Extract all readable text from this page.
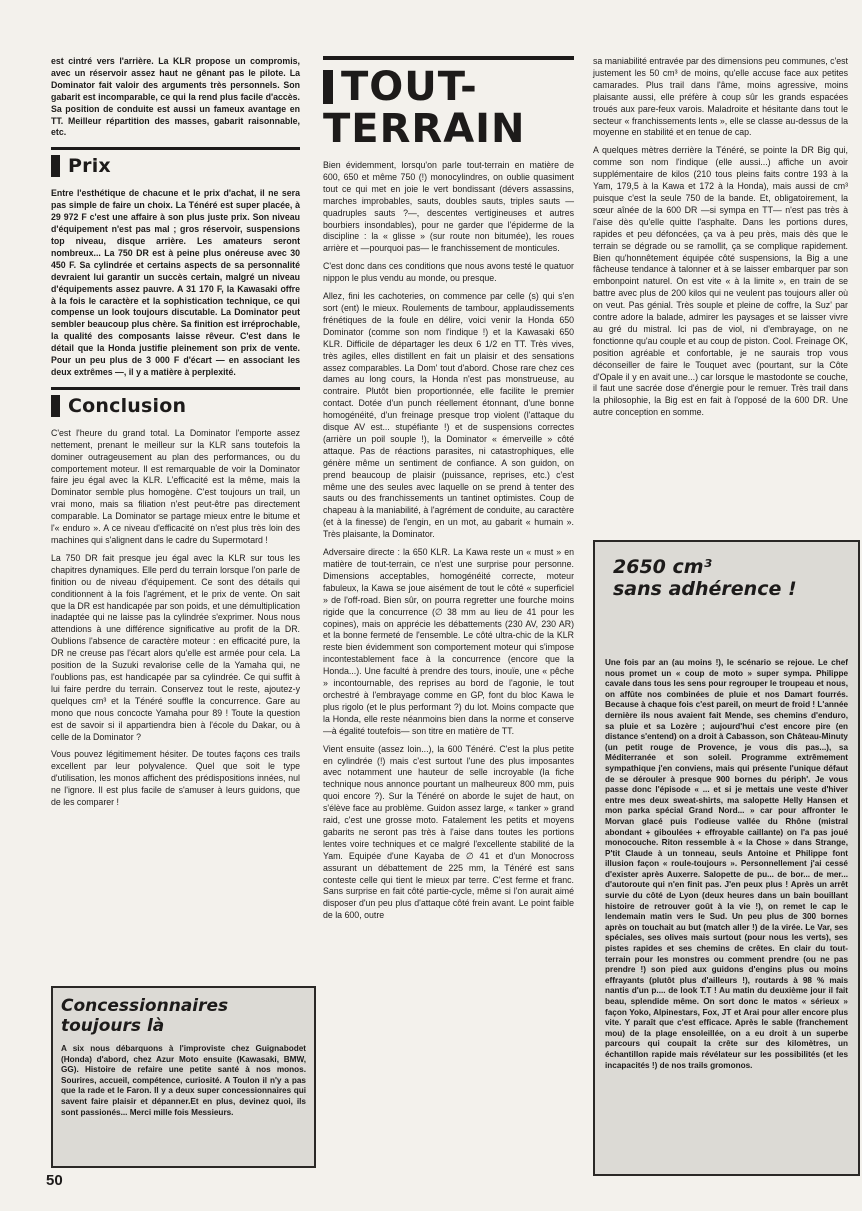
est cintré vers l'arrière. La KLR propose un compromis, avec un réservoir assez haut ne gênant pas le pilote. La Dominator fait valoir des arguments très personnels. Son gabarit est incomparable, ce qui la rend plus facile d'accès. Sa position de conduite est aussi un fameux avantage en TT. Meilleur répartition des masses, gabarit raisonnable, etc.

Prix

Entre l'esthétique de chacune et le prix d'achat, il ne sera pas simple de faire un choix. La Ténéré est super placée, à 29 972 F c'est une affaire à son plus juste prix. Son niveau d'équipement n'est pas mal ; gros réservoir, suspensions top niveau, disque arrière. Les amateurs seront nombreux... La 750 DR est à peine plus onéreuse avec 30 450 F. Sa cylindrée et certains aspects de sa personnalité devraient lui garantir un succès certain, malgré un niveau d'équipements assez pauvre. A 31 170 F, la Kawasaki offre à la fois le caractère et la sophistication technique, ce qui compense un look toujours discutable. La Dominator peut sembler beaucoup plus chère. Sa finition est irréprochable, la qualité des composants laisse rêveur. C'est dans le détail que la Honda justifie pleinement son prix de vente. Pour un peu plus de 3 000 F d'écart — en associant les deux extrêmes —, il y a matière à perplexité.

Conclusion

C'est l'heure du grand total. La Dominator l'emporte assez nettement, prenant le meilleur sur la KLR sans toutefois la dominer outrageusement au plan des performances, ou du comportement moteur. Il est remarquable de voir la Dominator faire jeu égal avec la KLR. L'efficacité est la même, mais la Dominator semble plus homogène. C'est toujours un trail, un vrai mono, mais sa filiation n'est peut-être pas directement comparable. La Dominator se partage mieux entre le bitume et l'« enduro ». A ce niveau d'efficacité on n'est plus très loin des machines qui s'alignent dans le cadre du Supermotard !

La 750 DR fait presque jeu égal avec la KLR sur tous les chapitres dynamiques. Elle perd du terrain lorsque l'on parle de finition ou de niveau d'équipement. Ce sont des détails qui conditionnent à la fois l'agrément, et le prix de vente. On sait que la DR est handicapée par son poids, et une démultiplication inadaptée qui ne laisse pas la cylindrée s'exprimer. Nous nous attendions à une différence significative au profit de la DR. Oublions l'absence de caractère moteur : en efficacité pure, la DR ne creuse pas l'écart alors qu'elle est armée pour cela. La position de la Suzuki revalorise celle de la Yamaha qui, ne l'oublions pas, est handicapée par sa cylindrée. Ce qui suffit à lui faire perdre du terrain. Conservez tout le reste, ajoutez-y quelques cm³ et la Ténéré souffle la concurrence. Gare au mono que nous concocte Yamaha pour 89 ! Toute la question est de savoir si il appartiendra bien à l'école du Dakar, ou à celle de la Dominator ?

Vous pouvez légitimement hésiter. De toutes façons ces trails excellent par leur polyvalence. Quel que soit le type d'utilisation, les monos affichent des prédispositions innées, nul ne l'ignore. Il est plus facile de s'amuser à leurs guidons, que de les comparer !

Concessionnaires toujours là

A six nous débarquons à l'improviste chez Guignabodet (Honda) d'abord, chez Azur Moto ensuite (Kawasaki, BMW, GG). Histoire de refaire une petite santé à nos monos. Sourires, accueil, compétence, curiosité. A Toulon il n'y a pas que la rade et le Faron. Il y a deux super concessionnaires qui savent faire plaisir et dépanner.Et en plus, devinez quoi, ils sont passionés... Merci mille fois Messieurs.

TOUT-
TERRAIN

Bien évidemment, lorsqu'on parle tout-terrain en matière de 600, 650 et même 750 (!) monocylindres, on oublie quasiment tout ce qui met en joie le vert bondissant (dévers assassins, marches improbables, sauts, doubles sauts, triples sauts —quadruples sauts ?—, descentes vertigineuses et autres bourbiers insondables), pour ne garder que l'épiderme de la discipline : la « glisse » (sur route non bitumée), les roues arrière et —pourquoi pas— le franchissement de monticules.

C'est donc dans ces conditions que nous avons testé le quatuor nippon le plus vendu au monde, ou presque.

Allez, fini les cachoteries, on commence par celle (s) qui s'en sort (ent) le mieux. Roulements de tambour, applaudissements frénétiques de la foule en délire, voici venir la Honda 650 Dominator (comme son nom l'indique !) et la Kawasaki 650 KLR. Difficile de départager les deux 6 1/2 en TT. Très vives, très agiles, elles distillent en fait un plaisir et des sensations assez comparables. La Dom' tout d'abord. Chose rare chez ces dames au long cours, la Honda n'est pas monstrueuse, au contraire. Plutôt bien proportionnée, elle facilite le premier contact. Dotée d'un punch réellement étonnant, d'une bonne homogénéité, d'un freinage presque trop violent (l'attaque du disque AV est... stupéfiante !) et de suspensions correctes (arrière un poil souple !), la Dominator « émerveille » côté attaque. Pas de réactions parasites, ni catastrophiques, elle génère même un sentiment de confiance. A son guidon, on prend beaucoup de plaisir (puissance, reprises, etc.) c'est même une des seules avec laquelle on se prend à tenter des sauts ou des franchissements un tantinet optimistes. Coup de chapeau à la maniabilité, à l'agrément de conduite, au caractère (et à la finesse) de l'engin, en un mot, au gabarit « humain ». Très plaisante, la Dominator.

Adversaire directe : la 650 KLR. La Kawa reste un « must » en matière de tout-terrain, ce n'est une surprise pour personne. Dimensions acceptables, homogénéité correcte, moteur fabuleux, la Kawa se joue aisément de tout le côté « superficiel » de l'off-road. Bien sûr, on pourra regretter une fourche moins rigide que la concurrence (∅ 38 mm au lieu de 41 pour les copines), mais on apprécie les débattements (230 AV, 230 AR) et la bonne fermeté de l'ensemble. Le côté ultra-chic de la KLR reste bien évidemment son comportement moteur qui s'impose incontestablement face à la concurrence (encore que la Honda...). Une faculté à prendre des tours, inouïe, une « pêche » incontournable, des reprises au bord de l'agonie, le tout orchestré à l'embrayage comme en GP, font du bloc Kawa le plus rigolo (et le plus performant ?) du lot. Moins compacte que la Honda, elle reste néanmoins bien dans la norme et conserve —à égalité toutefois— son titre en matière de TT.

Vient ensuite (assez loin...), la 600 Ténéré. C'est la plus petite en cylindrée (!) mais c'est surtout l'une des plus imposantes avec notamment une hauteur de selle incroyable (la fiche technique nous annonce pourtant un malheureux 800 mm, puis quoi encore ?). Sur la Ténéré on aborde le sujet de haut, on s'élève face au problème. Guidon assez large, « tanker » grand raid, c'est une grosse moto. Fatalement les petits et moyens gabarits ne seront pas très à l'aise dans toutes les portions lentes voire techniques et ce malgré l'excellente stabilité de la Yam. Equipée d'une Kayaba de ∅ 41 et d'un Monocross assurant un débattement de 225 mm, la Ténéré est sans conteste celle qui tient le mieux par terre. C'est ferme et franc. Sans surprise en fait côté partie-cycle, même si l'on aurait aimé disposer d'un peu plus d'attaque côté frein avant. Le point faible de la 600, outre

sa maniabilité entravée par des dimensions peu communes, c'est justement les 50 cm³ de moins, qu'elle accuse face aux petites camarades. Plus trail dans l'âme, moins agressive, moins plaisante aussi, elle préfère à coup sûr les grands espacées troués aux pare-feux varois. Maladroite et hésitante dans tout le secteur « franchissements lents », elle se classe au-dessus de la moyenne en stabilité et en tenue de cap.

A quelques mètres derrière la Ténéré, se pointe la DR Big qui, comme son nom l'indique (elle aussi...) affiche un avoir supplémentaire de kilos (210 tous pleins faits contre 193 à la Yam, 179,5 à la Kawa et 172 à la Honda), mais aussi de cm³ puisque c'est la seule 750 de la bande. Et, obligatoirement, la sœur aînée de la 600 DR —si sympa en TT— n'est pas très à l'aise dès qu'elle quitte l'asphalte. Dans les portions dures, rapides et peu défoncées, ça va à peu près, mais dès que le terrain se dégrade ou se ramollit, ça se complique rapidement. Bien qu'honnêtement équipée côté suspensions, la Big a une fâcheuse tendance à talonner et à se laisser embarquer par son embonpoint naturel. On est vite « à la limite », en train de se battre avec plus de 200 kilos qui ne veulent pas toujours aller où on veut. Pas génial. Très souple et pleine de coffre, la Suz' par contre adore la balade, admirer les paysages et se laisser vivre au gré du mistral. Ici pas de viol, ni d'embrayage, on ne fonctionne qu'au couple et au coup de piston. Cool. Freinage OK, position agréable et confortable, je ne saurais trop vous déconseiller de faire le Touquet avec (pourtant, sur la Côte d'Opale il y en avait une...) car lorsque le mastodonte se couche, il faut une sacrée dose d'énergie pour le remuer. Très trail dans la philosophie, la Big est en fait à l'opposé de la 600 DR. Une autre conception en somme.

2650 cm³
sans adhérence !

Une fois par an (au moins !), le scénario se rejoue. Le chef nous promet un « coup de moto » super sympa. Philippe cavale dans tous les sens pour regrouper le troupeau et nous, on affûte nos combinées de pluie et nos Damart fourrés. Because à chaque fois c'est pareil, on meurt de froid ! L'année dernière ils nous avaient fait Mende, ses chemins d'enduro, sa pluie et sa Lozère ; aujourd'hui c'est encore pire (en distance s'entend) on a droit à Cabasson, son Château-Minuty (un petit rouge de Provence, je vous dis pas...), sa Méditerranée et son soleil. Programme extrêmement sympathique j'en conviens, mais qui présente l'unique défaut de se dérouler à presque 900 bornes du périph'. Je vous passe donc l'épisode « ... et si je mettais une veste d'hiver entre mes deux sweat-shirts, ma salopette Helly Hansen et mon parka spécial Grand Nord... » car pour affronter le Morvan glacé puis l'odieuse vallée du Rhône (mistral abondant + giboulées + effroyable caillante) on l'a pas joué monocouche. Riton ressemble à « la Chose » dans Strange, P'tit Claude à un tonneau, seuls Antoine et Philippe font illusion façon « roule-toujours ». Personnellement j'ai cessé d'exister après Auxerre. Salopette de pu... de bor... de mer... d'autoroute qui n'en finit pas. J'en peux plus ! Après un arrêt survie du côté de Lyon (deux heures dans un bain bouillant histoire de retrouver goût à la vie !), on remet le cap le lendemain matin vers le Sud. Un peu plus de 300 bornes après on touchait au but (match aller !) de la virée. Le Var, ses spéciales, ses olives mais surtout (pour nous les verts), ses pistes rapides et ses chemins de crêtes. En clair du tout-terrain pour les monstres ou comment prendre (ou ne pas prendre !) son pied aux guidons d'engins plus ou moins effrayants (plutôt plus d'ailleurs !), routards à 98 % mais nantis d'un p.... de look T.T ! Au matin du deuxième jour il fait beau, splendide même. On sort donc le matos « sérieux » façon Yoko, Alpinestars, Fox, JT et Arai pour aller encore plus vite. Y paraît que c'est efficace. Après le sable (franchement mou) de la plage ensoleillée, on a eu droit à un superbe parcours qui coupait la crête sur des kilomètres, un échantillon rapide mais révélateur sur les possibilités (et les incapacités !) de nos trails gromonos.

50
